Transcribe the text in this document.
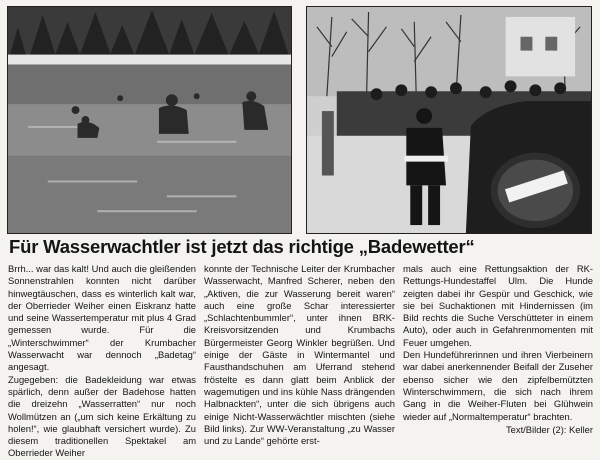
Für Wasserwachtler ist jetzt das richtige „Badewetter“

Brrh... war das kalt! Und auch die gleißenden Sonnenstrahlen konnten nicht darüber hinwegtäuschen, dass es winterlich kalt war, der Oberrieder Weiher einen Eiskranz hatte und seine Wassertemperatur mit plus 4 Grad gemessen wurde. Für die „Winterschwimmer“ der Krumbacher Wasserwacht war dennoch „Badetag“ angesagt.

Zugegeben: die Badekleidung war etwas spärlich, denn außer der Badehose hatten die dreizehn „Wasserratten“ nur noch Wollmützen an („um sich keine Erkältung zu holen!“, wie glaubhaft versichert wurde). Zu diesem traditionellen Spektakel am Oberrieder Weiher

konnte der Technische Leiter der Krumbacher Wasserwacht, Manfred Scherer, neben den „Aktiven, die zur Wasserung bereit waren“ auch eine große Schar interessierter „Schlachtenbummler“, unter ihnen BRK-Kreisvorsitzenden und Krumbachs Bürgermeister Georg Winkler begrüßen. Und einige der Gäste in Wintermantel und Fausthandschuhen am Uferrand stehend fröstelte es dann glatt beim Anblick der wagemutigen und ins kühle Nass drängenden Halbnackten“, unter die sich übrigens auch einige Nicht-Wasserwächtler mischten (siehe Bild links). Zur WW-Veranstaltung „zu Wasser und zu Lande“ gehörte erst-

mals auch eine Rettungsaktion der RK-Rettungs-Hundestaffel Ulm. Die Hunde zeigten dabei ihr Gespür und Geschick, wie sie bei Suchaktionen mit Hindernissen (im Bild rechts die Suche Verschütteter in einem Auto), oder auch in Gefahrenmomenten mit Feuer umgehen.

Den Hundeführerinnen und ihren Vierbeinern war dabei anerkennender Beifall der Zuseher ebenso sicher wie den zipfelbemützten Winterschwimmern, die sich nach ihrem Gang in die Weiher-Fluten bei Glühwein wieder auf „Normaltemperatur“ brachten.

Text/Bilder (2): Keller
